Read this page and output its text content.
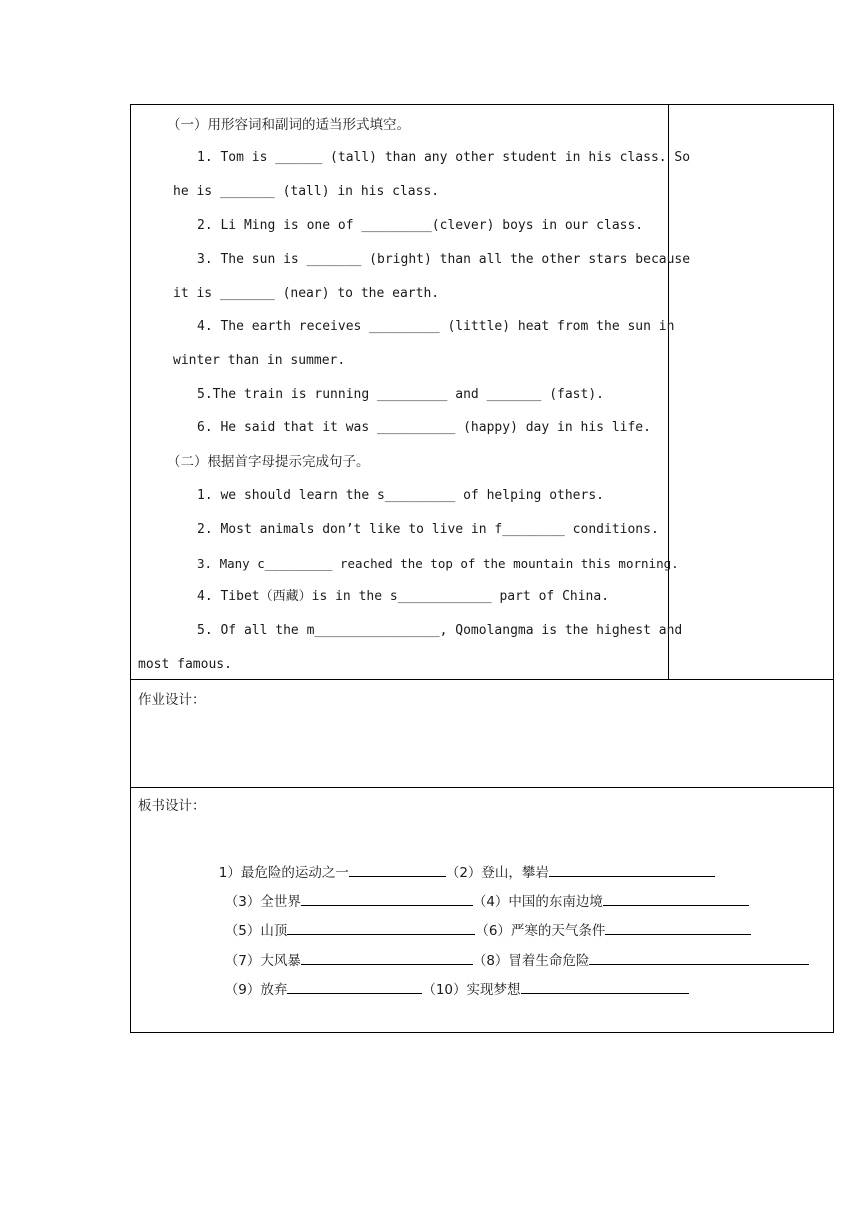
（一）用形容词和副词的适当形式填空。
1. Tom is ______ (tall) than any other student in his class. So
he is _______ (tall) in his class.
2. Li Ming is one of _________(clever) boys in our class.
3. The sun is _______ (bright) than all the other stars because
it is _______ (near) to the earth.
4. The earth receives _________ (little) heat from the sun in
winter than in summer.
5.The train is running _________ and _______ (fast).
6. He said that it was __________ (happy) day in his life.
（二）根据首字母提示完成句子。
1. we should learn the s_________ of helping others.
2. Most animals don’t like to live in f________ conditions.
3. Many c_________ reached the top of the mountain this morning.
4. Tibet（西藏）is in the s____________ part of China.
5. Of all the m________________, Qomolangma is the highest and
most famous.
作业设计：
板书设计：

1）最危险的运动之一	（2）登山，攀岩

（3）全世界	（4）中国的东南边境

（5）山顶	（6）严寒的天气条件

（7）大风暴	（8）冒着生命危险

（9）放弃	（10）实现梦想
